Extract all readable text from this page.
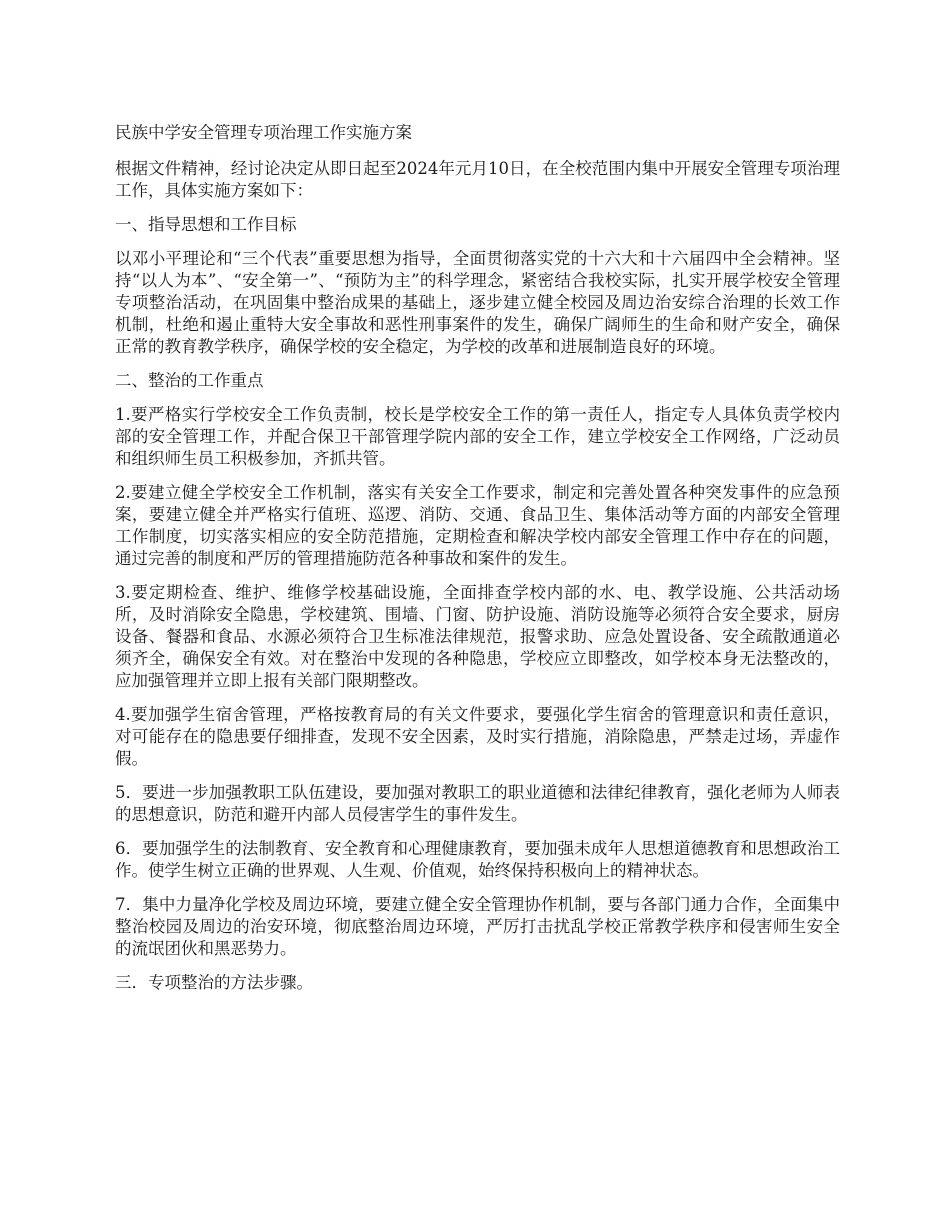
民族中学安全管理专项治理工作实施方案

根据文件精神，经讨论决定从即日起至2024年元月10日，在全校范围内集中开展安全管理专项治理工作，具体实施方案如下：

一、指导思想和工作目标

以邓小平理论和“三个代表”重要思想为指导，全面贯彻落实党的十六大和十六届四中全会精神。坚持“以人为本”、“安全第一”、“预防为主”的科学理念，紧密结合我校实际，扎实开展学校安全管理专项整治活动，在巩固集中整治成果的基础上，逐步建立健全校园及周边治安综合治理的长效工作机制，杜绝和遏止重特大安全事故和恶性刑事案件的发生，确保广阔师生的生命和财产安全，确保正常的教育教学秩序，确保学校的安全稳定，为学校的改革和进展制造良好的环境。

二、整治的工作重点

1.要严格实行学校安全工作负责制，校长是学校安全工作的第一责任人，指定专人具体负责学校内部的安全管理工作，并配合保卫干部管理学院内部的安全工作，建立学校安全工作网络，广泛动员和组织师生员工积极参加，齐抓共管。

2.要建立健全学校安全工作机制，落实有关安全工作要求，制定和完善处置各种突发事件的应急预案，要建立健全并严格实行值班、巡逻、消防、交通、食品卫生、集体活动等方面的内部安全管理工作制度，切实落实相应的安全防范措施，定期检查和解决学校内部安全管理工作中存在的问题，通过完善的制度和严厉的管理措施防范各种事故和案件的发生。

3.要定期检查、维护、维修学校基础设施，全面排查学校内部的水、电、教学设施、公共活动场所，及时消除安全隐患，学校建筑、围墙、门窗、防护设施、消防设施等必须符合安全要求，厨房设备、餐器和食品、水源必须符合卫生标准法律规范，报警求助、应急处置设备、安全疏散通道必须齐全，确保安全有效。对在整治中发现的各种隐患，学校应立即整改，如学校本身无法整改的，应加强管理并立即上报有关部门限期整改。

4.要加强学生宿舍管理，严格按教育局的有关文件要求，要强化学生宿舍的管理意识和责任意识，对可能存在的隐患要仔细排查，发现不安全因素，及时实行措施，消除隐患，严禁走过场，弄虚作假。

5．要进一步加强教职工队伍建设，要加强对教职工的职业道德和法律纪律教育，强化老师为人师表的思想意识，防范和避开内部人员侵害学生的事件发生。

6．要加强学生的法制教育、安全教育和心理健康教育，要加强未成年人思想道德教育和思想政治工作。使学生树立正确的世界观、人生观、价值观，始终保持积极向上的精神状态。

7．集中力量净化学校及周边环境，要建立健全安全管理协作机制，要与各部门通力合作，全面集中整治校园及周边的治安环境，彻底整治周边环境，严厉打击扰乱学校正常教学秩序和侵害师生安全的流氓团伙和黑恶势力。

三．专项整治的方法步骤。
